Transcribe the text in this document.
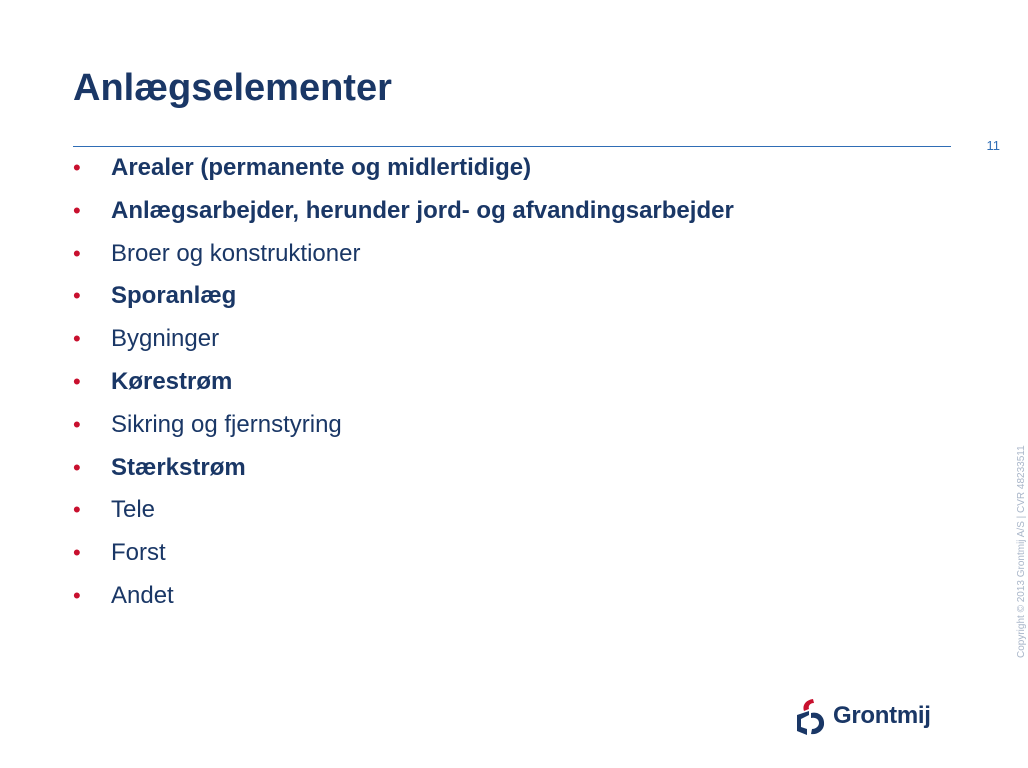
Anlægselementer
11
• Arealer (permanente og midlertidige)
• Anlægsarbejder, herunder jord- og afvandingsarbejder
• Broer og konstruktioner
• Sporanlæg
• Bygninger
• Kørestrøm
• Sikring og fjernstyring
• Stærkstrøm
• Tele
• Forst
• Andet	Copyright © 2013 Grontmij A/S | CVR 48233511
Grontmij
